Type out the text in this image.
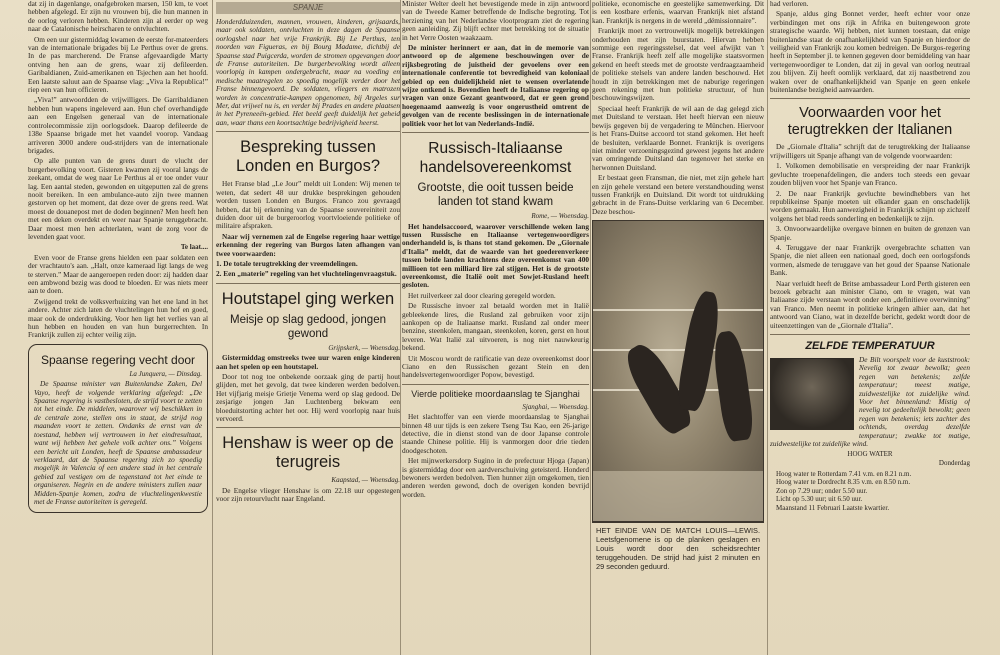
dat zij in dagenlange, onafgebroken marsen, 150 km, te voet hebben afgelegd. Er zijn nu vrouwen bij, die hun mannen in de oorlog verloren hebben. Kinderen zijn al eerder op weg naar de Catalonische heirscharen te ontvluchten.

Om een uur gistermiddag kwamen de eerste for-mateerders van de internationale brigades bij Le Perthus over de grens. In de pas marcherend. De Franse afgevaardigde Marty ontving hen aan de grens, waar zij defileerden. Garibaldianen, Zuid-amerikanen en Tsjechen aan het hoofd. Een laatste saluut aan de Spaanse vlag: „Viva la Republica!” riep een van hun officieren.

„Viva!” antwoordden de vrijwilligers. De Garribaldianen hebben hun wapens ingeleverd aan. Hun chef overhandigde aan een Engelsen generaal van de internationale controlecommissie zijn oorlogsdoek. Daarop defileerde de 138e Spaanse brigade met het vaandel voorop. Vandaag arriveren 3000 andere oud-strijders van de internationale brigades.

Op alle punten van de grens duurt de vlucht der burgerbevolking voort. Gisteren kwamen zij vooral langs de zeekant, omdat de weg naar Le Perthus al er toe onder vuur lag. Een aantal steden, gewonden en uitgeputten zal de grens nooit bereiken. In een ambulance-auto zijn twee mannen gestorven op het moment, dat deze over de grens reed. Wat moest de douanepost met de doden beginnen? Men heeft hen met een deken overdekt en weer naar Spanje teruggebracht. Daar moest men hen achterlaten, want de zorg voor de levenden gaat voor.

Te laat....

Even voor de Franse grens hielden een paar soldaten een der vrachtauto's aan. „Halt, onze kameraad ligt langs de weg te sterven.” Maar de aangeroepen reden door: zij hadden daar een ambwond bezig was dood te bloeden. Er was niets meer aan te doen.

Zwijgend trekt de volksverhuizing van het ene land in het andere. Achter zich laten de vluchtelingen hun hof en goed, maar ook de onderdrukking. Voor hen ligt het verlies van al hun hebben en houden en van hun burgerrechten. In Frankrijk zullen zij echter veilig zijn.

Spaanse regering vecht door
La Junquera, — Dinsdag.

De Spaanse minister van Buitenlandse Zaken, Del Vayo, heeft de volgende verklaring afgelegd: „De Spaanse regering is vastbesloten, de strijd voort te zetten tot het einde. De middelen, waarover wij beschikken in de centrale zone, stellen ons in staat, de strijd nog maanden voort te zetten. Ondanks de ernst van de toestand, hebben wij vertrouwen in het eindresultaat, want wij hebben het gehele volk achter ons.” Volgens een bericht uit Londen, heeft de Spaanse ambassadeur verklaard, dat de Spaanse regering zich zo spoedig mogelijk in Valencia of een andere stad in het centrale gebied zal vestigen om de tegenstand tot het einde te organiseren. Negrin en de andere ministers zullen naar Midden-Spanje komen, zodra de vluchtelingenkwestie met de Franse autoriteiten is geregeld.

SPANJE

Honderdduizenden, mannen, vrouwen, kinderen, grijsaards, maar ook soldaten, ontvluchten in deze dagen de Spaanse oorlogshel naar het vrije Frankrijk. Bij Le Perthus, ten noorden van Figueras, en bij Bourg Madame, dichtbij de Spaanse stad Puigcerda, worden de stromen opgevangen door de Franse autoriteiten. De burgerbevolking wordt alleen voorlopig in kampen ondergebracht, maar na voeding en medische maatregelen zo spoedig mogelijk verder door het Franse binnengevoerd. De soldaten, vliegers en matrozen worden in concentratie-kampen opgenomen, bij Argeles sur Mer, dat vrijwel nu is, en verder bij Prades en andere plaatsen in het Pyreneeën-gebied. Het beeld geeft duidelijk het geheid aan, waar thans een koortsachtige bedrijvigheid heerst.

Bespreking tussen Londen en Burgos?

Het Franse blad „Le Jour” meldt uit Londen: Wij menen te weten, dat sedert 48 uur drukke besprekingen gehouden worden tussen Londen en Burgos. Franco zou gevraagd hebben, dat bij erkenning van de Spaanse souvereiniteit zou duiden door uit de burgeroorlog voortvloeiende politieke of militaire afspraken.

Naar wij vernemen zal de Engelse regering haar wettige erkenning der regering van Burgos laten afhangen van twee voorwaarden:

1. De totale terugtrekking der vreemdelingen.

2. Een „materie” regeling van het vluchtelingenvraagstuk.

Houtstapel ging werken
Meisje op slag gedood, jongen gewond
Grijpskerk, — Woensdag.

Gistermiddag omstreeks twee uur waren enige kinderen aan het spelen op een houtstapel.

Door tot nog toe onbekende oorzaak ging de partij hout glijden, met het gevolg, dat twee kinderen werden bedolven. Het vijfjarig meisje Grietje Venema werd op slag gedood. De zesjarige jongen Jan Luchtenberg bekwam een bloeduitstorting achter het oor. Hij werd voorlopig naar huis vervoerd.

Henshaw is weer op de terugreis
Kaapstad, — Woensdag.

De Engelse vlieger Henshaw is om 22.18 uur opgestegen voor zijn retourvlucht naar Engeland.

Minister Welter deelt het bevestigende mede in zijn antwoord van de Tweede Kamer betreffende de Indische begroting. Tot herziening van het Nederlandse vlootprogram ziet de regering geen aanleiding. Zij blijft echter met betrekking tot de situatie in het Verre Oosten waakzaam.

De minister herinnert er aan, dat in de memorie van antwoord op de algemene beschouwingen over de rijksbegroting de juistheid der gevoelens over een internationale conferentie tot bevredigheid van koloniaal gebied op een duidelijkheid niet te wensen overlatende wijze ontkend is. Bovendien heeft de Italiaanse regering op vragen van onze Gezant geantwoord, dat er geen grond hoegenaamd aanwezig is voor ongerustheid omtrent de gevolgen van de recente beslissingen in de internationale politiek voor het lot van Nederlands-Indië.

Russisch-Italiaanse handelsovereenkomst
Grootste, die ooit tussen beide landen tot stand kwam
Rome, — Woensdag.

Het handelsaccoord, waarover verschillende weken lang tussen Russische en Italiaanse vertegenwoordigers onderhandeld is, is thans tot stand gekomen. De „Giornale d'Italia” meldt, dat de waarde van het goederenverkeer tussen beide landen krachtens deze overeenkomst van 400 millioen tot een milliard lire zal stijgen. Het is de grootste overeenkomst, die Italië ooit met Sowjet-Rusland heeft gesloten.

Het ruilverkeer zal door clearing geregeld worden.

De Russische invoer zal betaald worden met in Italië gebleekende lires, die Rusland zal gebruiken voor zijn aankopen op de Italiaanse markt. Rusland zal onder meer benzine, steenkolen, mangaan, steenkolen, koren, gerst en hout leveren. Wat Italië zal uitvoeren, is nog niet nauwkeurig bekend.

Uit Moscou wordt de ratificatie van deze overeenkomst door Ciano en den Russischen gezant Stein en den handelsvertegenwoordiger Popow, bevestigd.

Vierde politieke moordaanslag te Sjanghai
Sjanghai, — Woensdag.

Het slachtoffer van een vierde moordaanslag te Sjanghai binnen 48 uur tijds is een zekere Tseng Tsu Kao, een 26-jarige detective, die in dienst stond van de door Japanse controle staande Chinese politie. Hij is vanmorgen door drie tieden doodgeschoten.

Het mijnwerkersdorp Sugino in de prefectuur Hjoga (Japan) is gistermiddag door een aardverschuiving geteisterd. Honderd bewoners werden bedolven. Tien hunner zijn omgekomen, tien anderen werden gewond, doch de overigen konden bevrijd worden.

politieke, economische en geestelijke samenwerking. Dit is een kostbare erfenis, waarvan Frankrijk niet afstand kan. Frankrijk is nergens in de wereld „démissionnaire”.

Frankrijk moet zo vertrouwelijk mogelijk betrekkingen onderhouden met zijn buurstaten. Hiervan hebben sommige een regeringsstelsel, dat veel afwijkt van 't Franse. Frankrijk heeft zelf alle mogelijke staatsvormen gekend en heeft steeds met de grootste verdraagzaamheid de politieke stelsels van andere landen beschouwd. Het houdt in zijn betrekkingen met de naburige regeringen geen rekening met hun politieke structuur, of hun beschouwingswijzen.

Speciaal heeft Frankrijk de wil aan de dag gelegd zich met Duitsland te verstaan. Het heeft hiervan een nieuw bewijs gegeven bij de vergadering te München. Hiervoor is het Frans-Duitse accoord tot stand gekomen. Het heeft de besluiten, verklaarde Bonnet. Frankrijk is overigens niet minder verzoeningsgezind geweest jegens het andere van omringende Duitsland dan tegenover het sterke en herwonnen Duitsland.

Er bestaat geen Fransman, die niet, met zijn gehele hart en zijn gehele verstand een betere verstandhouding wenst tussen Frankrijk en Duitsland. Dit wordt tot uitdrukking gebracht in de Frans-Duitse verklaring van 6 December. Deze beschou-

HET EINDE VAN DE MATCH LOUIS—LEWIS. Leetsfgenomene is op de planken geslagen en Louis wordt door den scheidsrechter teruggehouden. De strijd had juist 2 minuten en 29 seconden geduurd.

had verloren.

Spanje, aldus ging Bonnet verder, heeft echter voor onze verbindingen met ons rijk in Afrika en buitengewoon grote strategische waarde. Wij hebben, niet kunnen toestaan, dat enige buitenlandse staat de onafhankelijkheid van Spanje en hierdoor de veiligheid van Frankrijk zou komen bedreigen. De Burgos-regering heeft in September jl. te kennen gegeven door bemiddeling van haar vertegenwoordiger te Londen, dat zij in geval van oorlog neutraal zou blijven. Zij heeft oomlijk verklaard, dat zij naastbetrend zou waken over de onafhankelijkheid van Spanje en geen enkele buitenlandse bezigheid aanvaarden.

Voorwaarden voor het terugtrekken der Italianen

De „Giornale d'Italia” schrijft dat de terugtrekking der Italiaanse vrijwilligers uit Spanje afhangt van de volgende voorwaarden:

1. Volkomen demobilisatie en verspreiding der naar Frankrijk gevluchte troepenafdelingen, die anders toch steeds een gevaar zouden blijven voor het Spanje van Franco.

2. De naar Frankrijk gevluchte bewindhebbers van het republikeinse Spanje moeten uit elkander gaan en onschadelijk worden gemaakt. Hun aanwezigheid in Frankrijk schijnt op zichzelf volgens het blad reeds sonderling en bedenkelijk te zijn.

3. Onvoorwaardelijke overgave binnen en buiten de grenzen van Spanje.

4. Teruggave der naar Frankrijk overgebrachte schatten van Spanje, die niet alleen een nationaal goed, doch een oorlogsfonds vormen, alsmede de teruggave van het goud der Spaanse Nationale Bank.

Naar verluidt heeft de Britse ambassadeur Lord Perth gisteren een bezoek gebracht aan minister Ciano, om te vragen, wat van Italiaanse zijde verstaan wordt onder een „definitieve overwinning” van Franco. Men neemt in politieke kringen alhier aan, dat het antwoord van Ciano, wat in dezelfde bericht, gedekt wordt door de uiteenzettingen van de „Giornale d'Italia”.

ZELFDE TEMPERATUUR

De Bilt voorspelt voor de kuststrook: Nevelig tot zwaar bewolkt; geen regen van betekenis; zelfde temperatuur; meest matige, zuidwestelijke tot zuidelijke wind. Voor het binnenland: Mistig of nevelig tot gedeeltelijk bewolkt; geen regen van betekenis; iets zachter des ochtends, overdag dezelfde temperatuur; zwakke tot matige, zuidwestelijke tot zuidelijke wind.

HOOG WATER
Donderdag

Hoog water te Rotterdam 7.41 v.m. en 8.21 n.m.

Hoog water te Dordrecht 8.35 v.m. en 8.50 n.m.

Zon op 7.29 uur; onder 5.50 uur.

Licht op 5.30 uur; uit 6.50 uur.

Maanstand 11 Februari Laatste kwartier.
